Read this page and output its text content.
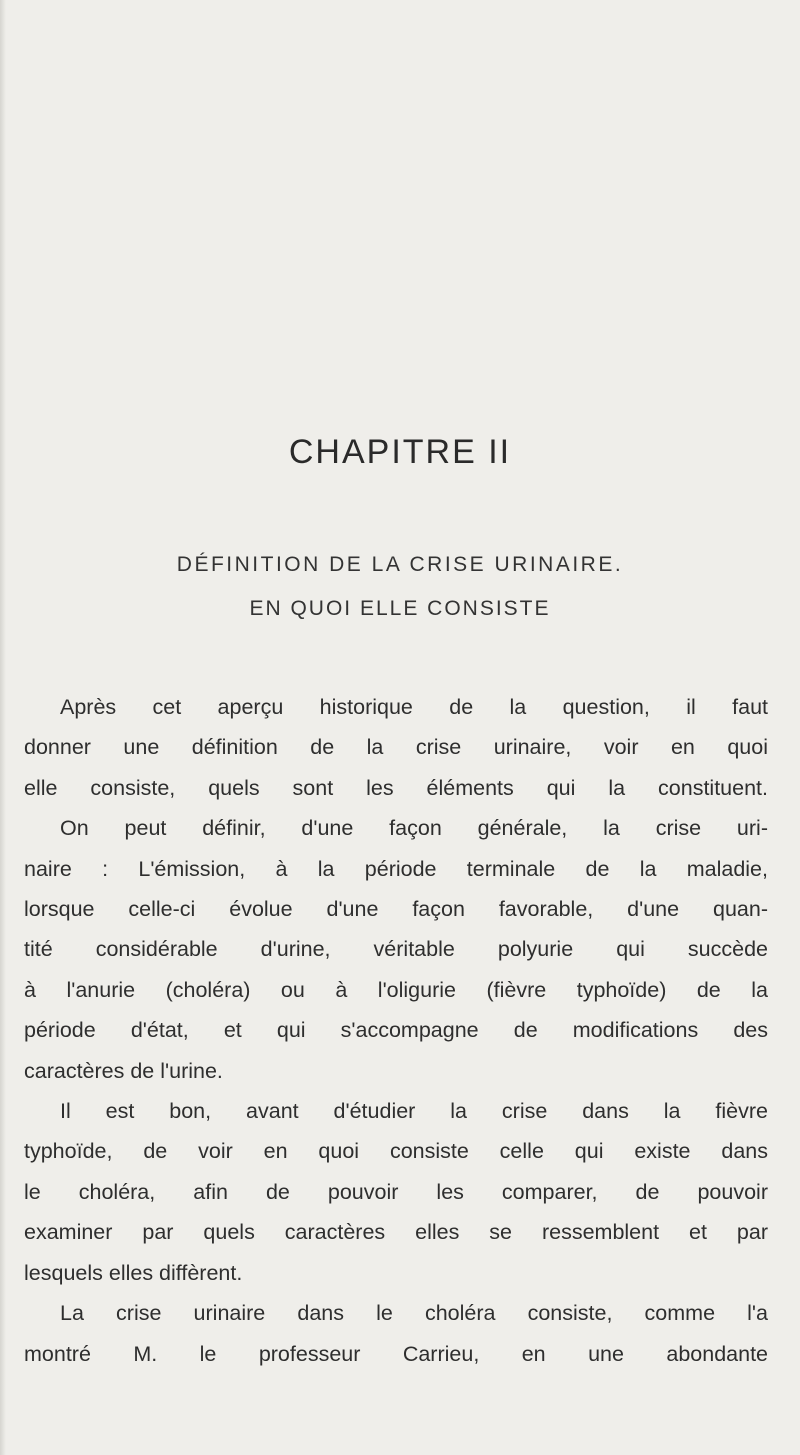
CHAPITRE II
DÉFINITION DE LA CRISE URINAIRE.
EN QUOI ELLE CONSISTE
Après cet aperçu historique de la question, il faut
donner une définition de la crise urinaire, voir en quoi
elle consiste, quels sont les éléments qui la constituent.
On peut définir, d'une façon générale, la crise uri-
naire : L'émission, à la période terminale de la maladie,
lorsque celle-ci évolue d'une façon favorable, d'une quan-
tité considérable d'urine, véritable polyurie qui succède
à l'anurie (choléra) ou à l'oligurie (fièvre typhoïde) de la
période d'état, et qui s'accompagne de modifications des
caractères de l'urine.
Il est bon, avant d'étudier la crise dans la fièvre
typhoïde, de voir en quoi consiste celle qui existe dans
le choléra, afin de pouvoir les comparer, de pouvoir
examiner par quels caractères elles se ressemblent et par
lesquels elles diffèrent.
La crise urinaire dans le choléra consiste, comme l'a
montré M. le professeur Carrieu, en une abondante
